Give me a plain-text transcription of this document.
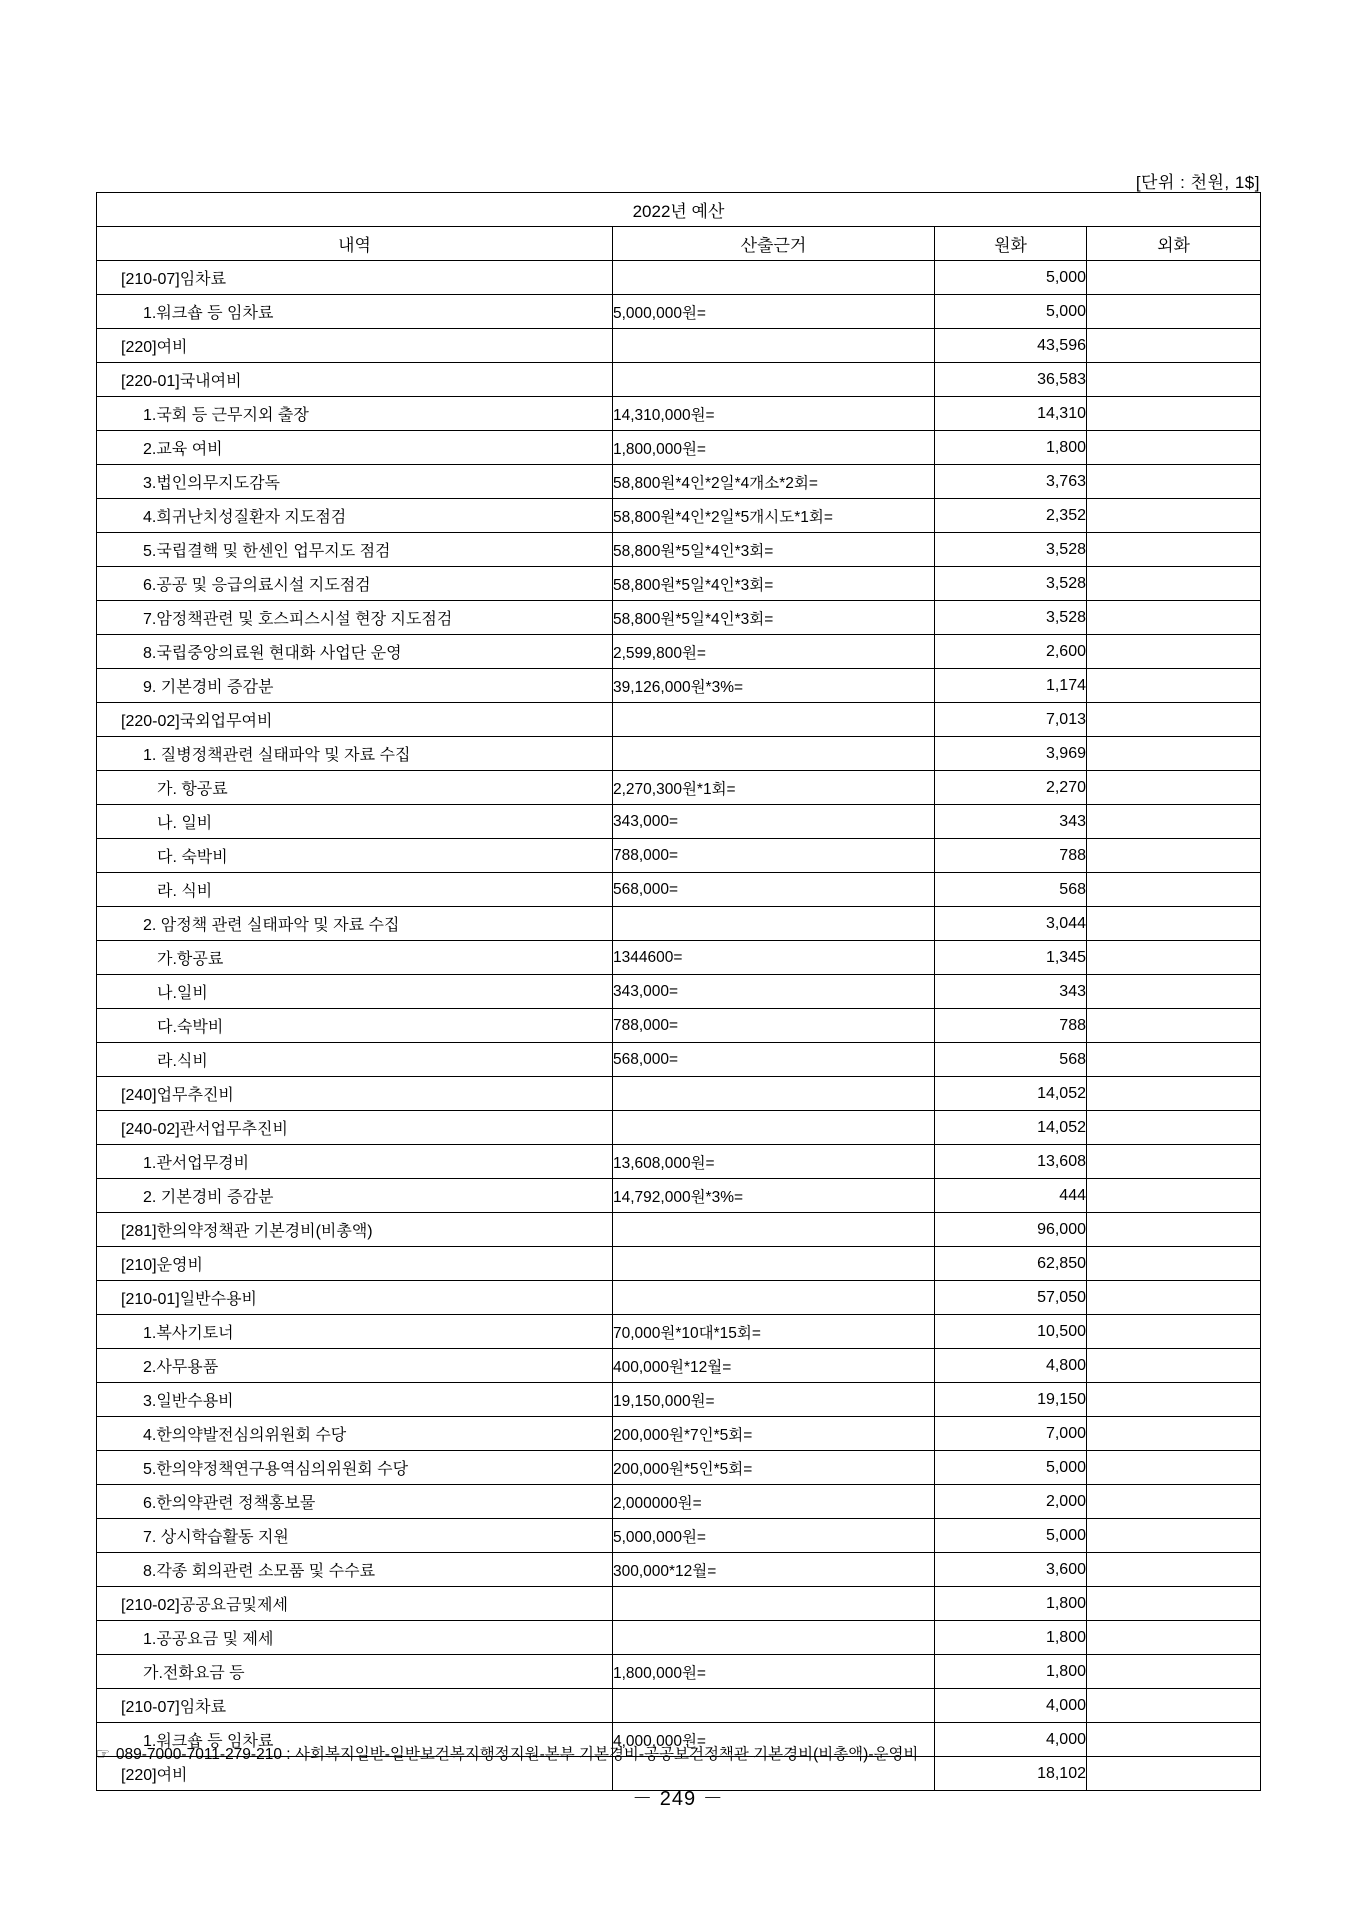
[단위 : 천원, 1$]
2022년 예산			
내역	산출근거	원화	외화
[210-07]임차료		5,000	
1.워크숍 등 임차료	5,000,000원=	5,000	
[220]여비		43,596	
[220-01]국내여비		36,583	
1.국회 등 근무지외 출장	14,310,000원=	14,310	
2.교육 여비	1,800,000원=	1,800	
3.법인의무지도감독	58,800원*4인*2일*4개소*2회=	3,763	
4.희귀난치성질환자 지도점검	58,800원*4인*2일*5개시도*1회=	2,352	
5.국립결핵 및 한센인 업무지도 점검	58,800원*5일*4인*3회=	3,528	
6.공공 및 응급의료시설 지도점검	58,800원*5일*4인*3회=	3,528	
7.암정책관련 및 호스피스시설 현장 지도점검	58,800원*5일*4인*3회=	3,528	
8.국립중앙의료원 현대화 사업단 운영	2,599,800원=	2,600	
9. 기본경비 증감분	39,126,000원*3%=	1,174	
[220-02]국외업무여비		7,013	
1. 질병정책관련 실태파악 및 자료 수집		3,969	
가. 항공료	2,270,300원*1회=	2,270	
나. 일비	343,000=	343	
다. 숙박비	788,000=	788	
라. 식비	568,000=	568	
2. 암정책 관련 실태파악 및 자료 수집		3,044	
가.항공료	1344600=	1,345	
나.일비	343,000=	343	
다.숙박비	788,000=	788	
라.식비	568,000=	568	
[240]업무추진비		14,052	
[240-02]관서업무추진비		14,052	
1.관서업무경비	13,608,000원=	13,608	
2. 기본경비 증감분	14,792,000원*3%=	444	
[281]한의약정책관 기본경비(비총액)		96,000	
[210]운영비		62,850	
[210-01]일반수용비		57,050	
1.복사기토너	70,000원*10대*15회=	10,500	
2.사무용품	400,000원*12월=	4,800	
3.일반수용비	19,150,000원=	19,150	
4.한의약발전심의위원회 수당	200,000원*7인*5회=	7,000	
5.한의약정책연구용역심의위원회 수당	200,000원*5인*5회=	5,000	
6.한의약관련 정책홍보물	2,000000원=	2,000	
7. 상시학습활동 지원	5,000,000원=	5,000	
8.각종 회의관련 소모품 및 수수료	300,000*12월=	3,600	
[210-02]공공요금및제세		1,800	
1.공공요금 및 제세		1,800	
가.전화요금 등	1,800,000원=	1,800	
[210-07]임차료		4,000	
1.워크숍 등 임차료	4,000,000원=	4,000	
[220]여비		18,102	
☞ 089-7000-7011-279-210 : 사회복지일반-일반보건복지행정지원-본부 기본경비-공공보건정책관 기본경비(비총액)-운영비
－ 249 －
